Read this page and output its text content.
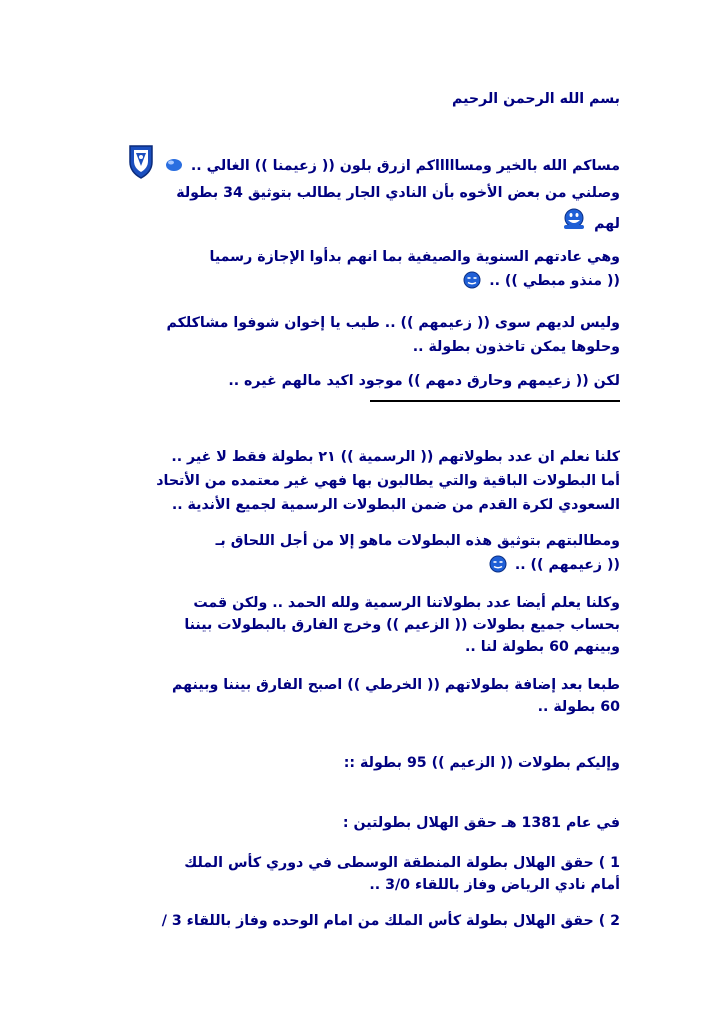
بسم الله الرحمن الرحيم
مساكم الله بالخير ومساااااكم ازرق بلون (( زعيمنا )) الغالي ..
وصلني من بعض الأخوه بأن النادي الجار يطالب بتوثيق 34 بطولة
لهم
وهي عادتهم السنوية والصيفية بما انهم بدأوا الإجازة رسميا
(( منذو مبطي )) ..
وليس لديهم سوى (( زعيمهم )) .. طيب يا إخوان شوفوا مشاكلكم
وحلوها يمكن تاخذون بطولة ..
لكن (( زعيمهم وحارق دمهم )) موجود اكيد مالهم غيره ..
كلنا نعلم ان عدد بطولاتهم (( الرسمية )) ٢١ بطولة فقط لا غير ..
أما البطولات الباقية والتي يطالبون بها فهي غير معتمده من الأتحاد
السعودي لكرة القدم من ضمن البطولات الرسمية لجميع الأندية ..
ومطالبتهم بتوثيق هذه البطولات ماهو إلا من أجل اللحاق بـ
(( زعيمهم )) ..
وكلنا يعلم أيضا عدد بطولاتنا الرسمية ولله الحمد .. ولكن قمت
بحساب جميع بطولات (( الزعيم )) وخرج الفارق بالبطولات بيننا
وبينهم 60 بطولة لنا ..
طبعا بعد إضافة بطولاتهم (( الخرطي )) اصبح الفارق بيننا وبينهم
60 بطولة ..
وإليكم بطولات (( الزعيم )) 95 بطولة ::
في عام 1381 هـ حقق الهلال بطولتين :
1 ) حقق الهلال بطولة المنطقة الوسطى في دوري كأس الملك
أمام نادي الرياض وفاز باللقاء 3/0 ..
2 ) حقق الهلال بطولة كأس الملك من امام الوحده وفاز باللقاء 3 /
